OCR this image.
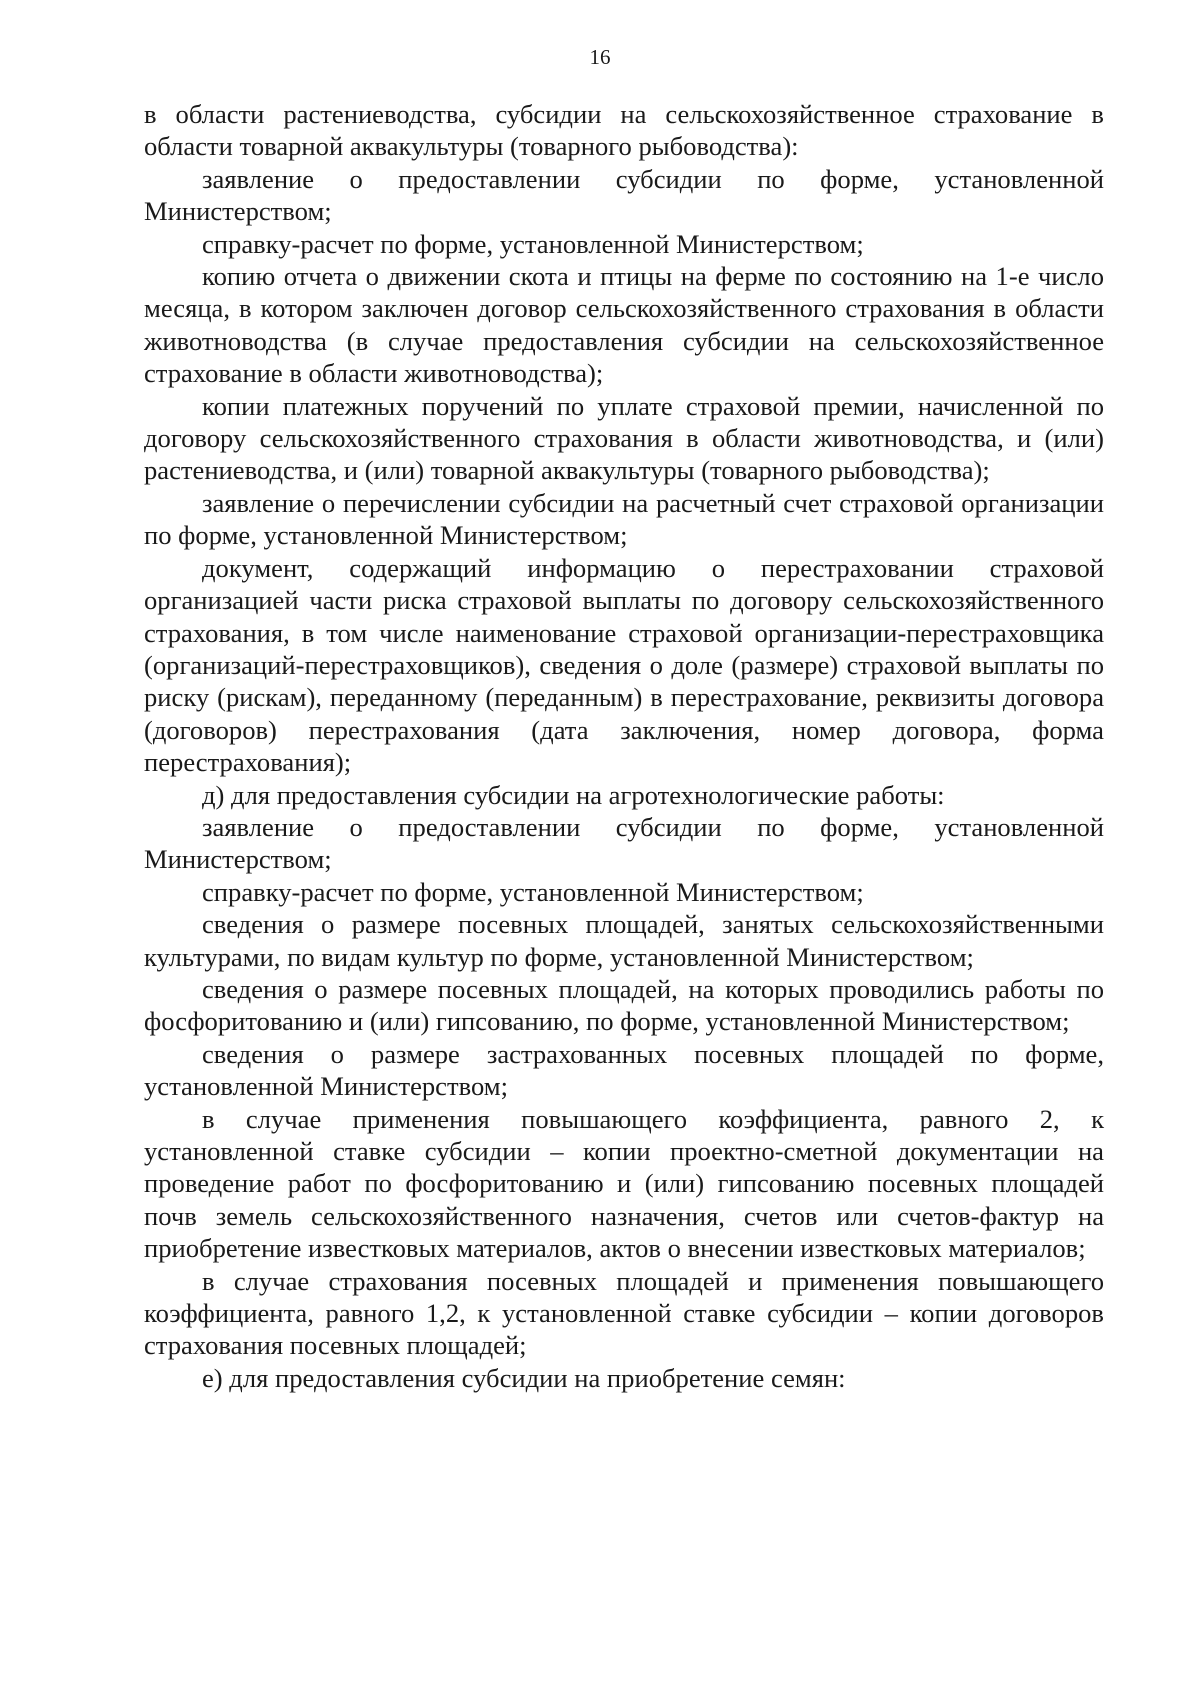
16

в области растениеводства, субсидии на сельскохозяйственное страхование в области товарной аквакультуры (товарного рыбоводства):

заявление о предоставлении субсидии по форме, установленной Министерством;

справку-расчет по форме, установленной Министерством;

копию отчета о движении скота и птицы на ферме по состоянию на 1-е число месяца, в котором заключен договор сельскохозяйственного страхования в области животноводства (в случае предоставления субсидии на сельскохозяйственное страхование в области животноводства);

копии платежных поручений по уплате страховой премии, начисленной по договору сельскохозяйственного страхования в области животноводства, и (или) растениеводства, и (или) товарной аквакультуры (товарного рыбоводства);

заявление о перечислении субсидии на расчетный счет страховой организации по форме, установленной Министерством;

документ, содержащий информацию о перестраховании страховой организацией части риска страховой выплаты по договору сельскохозяйственного страхования, в том числе наименование страховой организации-перестраховщика (организаций-перестраховщиков), сведения о доле (размере) страховой выплаты по риску (рискам), переданному (переданным) в перестрахование, реквизиты договора (договоров) перестрахования (дата заключения, номер договора, форма перестрахования);

д) для предоставления субсидии на агротехнологические работы:

заявление о предоставлении субсидии по форме, установленной Министерством;

справку-расчет по форме, установленной Министерством;

сведения о размере посевных площадей, занятых сельскохозяйственными культурами, по видам культур по форме, установленной Министерством;

сведения о размере посевных площадей, на которых проводились работы по фосфоритованию и (или) гипсованию, по форме, установленной Министерством;

сведения о размере застрахованных посевных площадей по форме, установленной Министерством;

в случае применения повышающего коэффициента, равного 2, к установленной ставке субсидии – копии проектно-сметной документации на проведение работ по фосфоритованию и (или) гипсованию посевных площадей почв земель сельскохозяйственного назначения, счетов или счетов-фактур на приобретение известковых материалов, актов о внесении известковых материалов;

в случае страхования посевных площадей и применения повышающего коэффициента, равного 1,2, к установленной ставке субсидии – копии договоров страхования посевных площадей;

е) для предоставления субсидии на приобретение семян:
